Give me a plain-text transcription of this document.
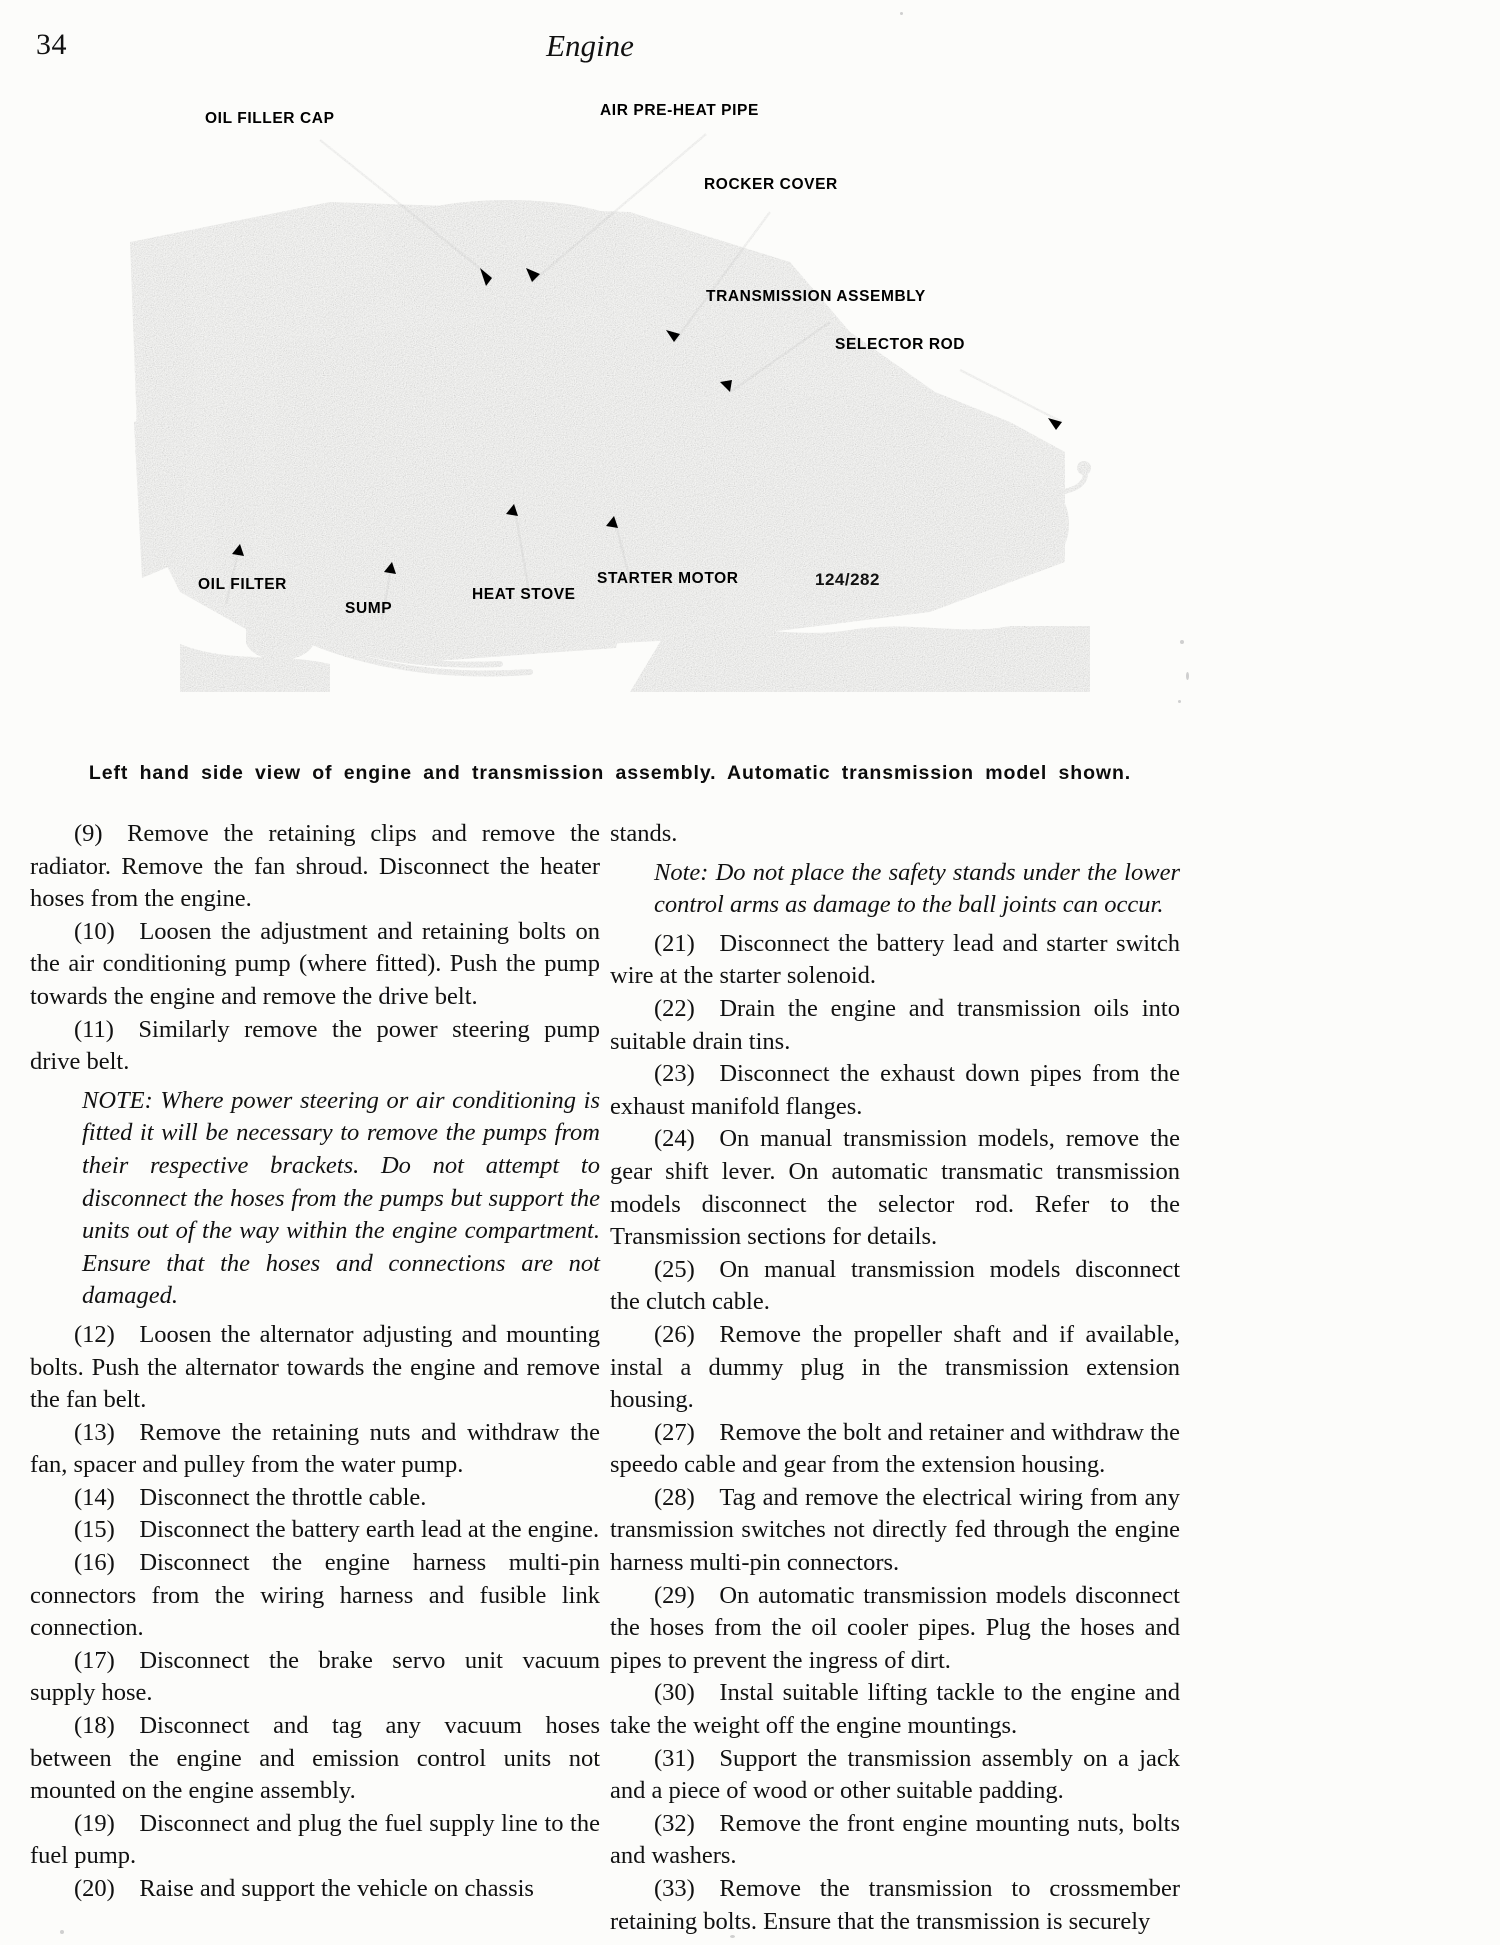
34	Engine
OIL FILLER CAP	AIR PRE-HEAT PIPE
ROCKER COVER
TRANSMISSION ASSEMBLY
SELECTOR ROD
OIL FILTER
SUMP
HEAT STOVE
STARTER MOTOR	124/282
Left hand side view of engine and transmission assembly. Automatic transmission model shown.

(9) Remove the retaining clips and remove the radiator. Remove the fan shroud. Disconnect the heater hoses from the engine.

(10) Loosen the adjustment and retaining bolts on the air conditioning pump (where fitted). Push the pump towards the engine and remove the drive belt.

(11) Similarly remove the power steering pump drive belt.

NOTE: Where power steering or air conditioning is fitted it will be necessary to remove the pumps from their respective brackets. Do not attempt to disconnect the hoses from the pumps but support the units out of the way within the engine compartment. Ensure that the hoses and connections are not damaged.

(12) Loosen the alternator adjusting and mounting bolts. Push the alternator towards the engine and remove the fan belt.

(13) Remove the retaining nuts and withdraw the fan, spacer and pulley from the water pump.

(14) Disconnect the throttle cable.

(15) Disconnect the battery earth lead at the engine.

(16) Disconnect the engine harness multi-pin connectors from the wiring harness and fusible link connection.

(17) Disconnect the brake servo unit vacuum supply hose.

(18) Disconnect and tag any vacuum hoses between the engine and emission control units not mounted on the engine assembly.

(19) Disconnect and plug the fuel supply line to the fuel pump.

(20) Raise and support the vehicle on chassis

stands.

Note: Do not place the safety stands under the lower control arms as damage to the ball joints can occur.

(21) Disconnect the battery lead and starter switch wire at the starter solenoid.

(22) Drain the engine and transmission oils into suitable drain tins.

(23) Disconnect the exhaust down pipes from the exhaust manifold flanges.

(24) On manual transmission models, remove the gear shift lever. On automatic transmatic transmission models disconnect the selector rod. Refer to the Transmission sections for details.

(25) On manual transmission models disconnect the clutch cable.

(26) Remove the propeller shaft and if available, instal a dummy plug in the transmission extension housing.

(27) Remove the bolt and retainer and withdraw the speedo cable and gear from the extension housing.

(28) Tag and remove the electrical wiring from any transmission switches not directly fed through the engine harness multi-pin connectors.

(29) On automatic transmission models disconnect the hoses from the oil cooler pipes. Plug the hoses and pipes to prevent the ingress of dirt.

(30) Instal suitable lifting tackle to the engine and take the weight off the engine mountings.

(31) Support the transmission assembly on a jack and a piece of wood or other suitable padding.

(32) Remove the front engine mounting nuts, bolts and washers.

(33) Remove the transmission to crossmember retaining bolts. Ensure that the transmission is securely
